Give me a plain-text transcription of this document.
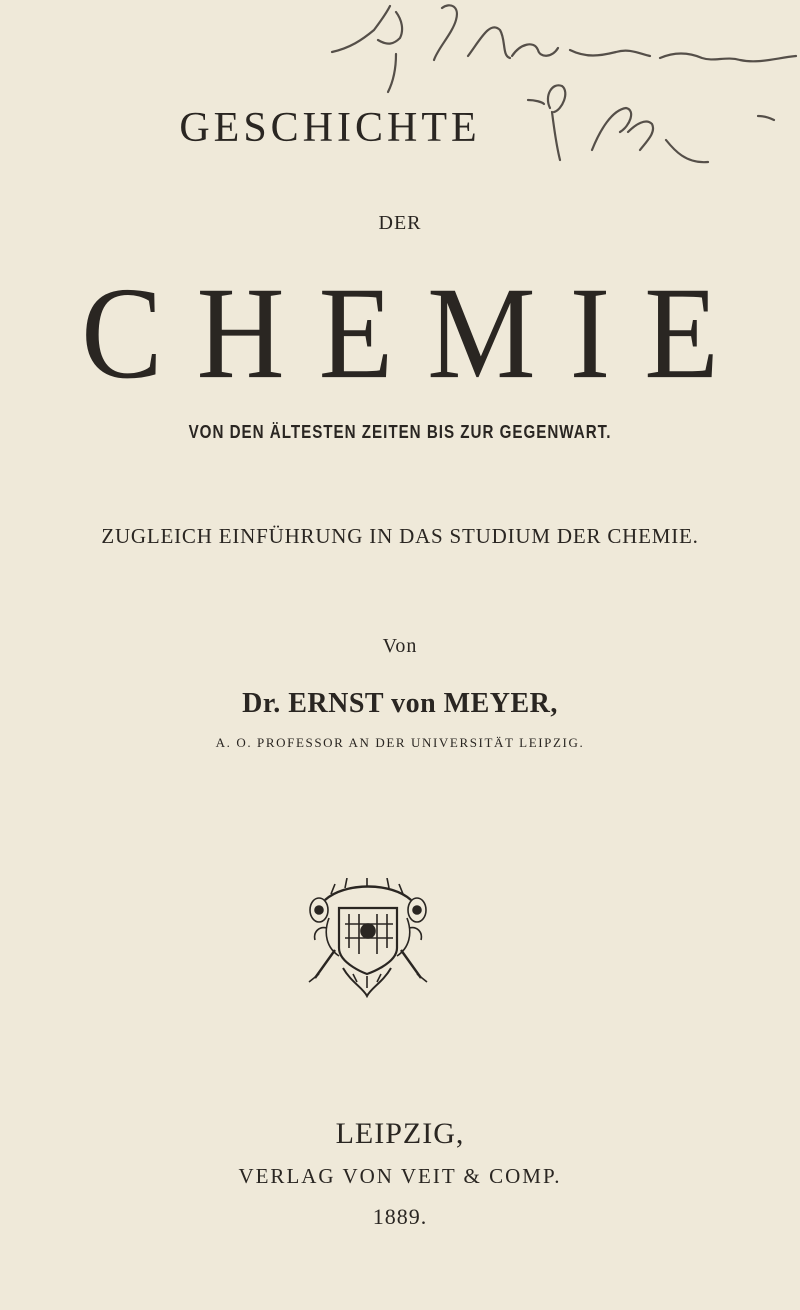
GESCHICHTE
DER
CHEMIE
VON DEN ÄLTESTEN ZEITEN BIS ZUR GEGENWART.
ZUGLEICH EINFÜHRUNG IN DAS STUDIUM DER CHEMIE.
Von
Dr. ERNST von MEYER,
A. O. PROFESSOR AN DER UNIVERSITÄT LEIPZIG.
LEIPZIG,
VERLAG VON VEIT & COMP.
1889.
